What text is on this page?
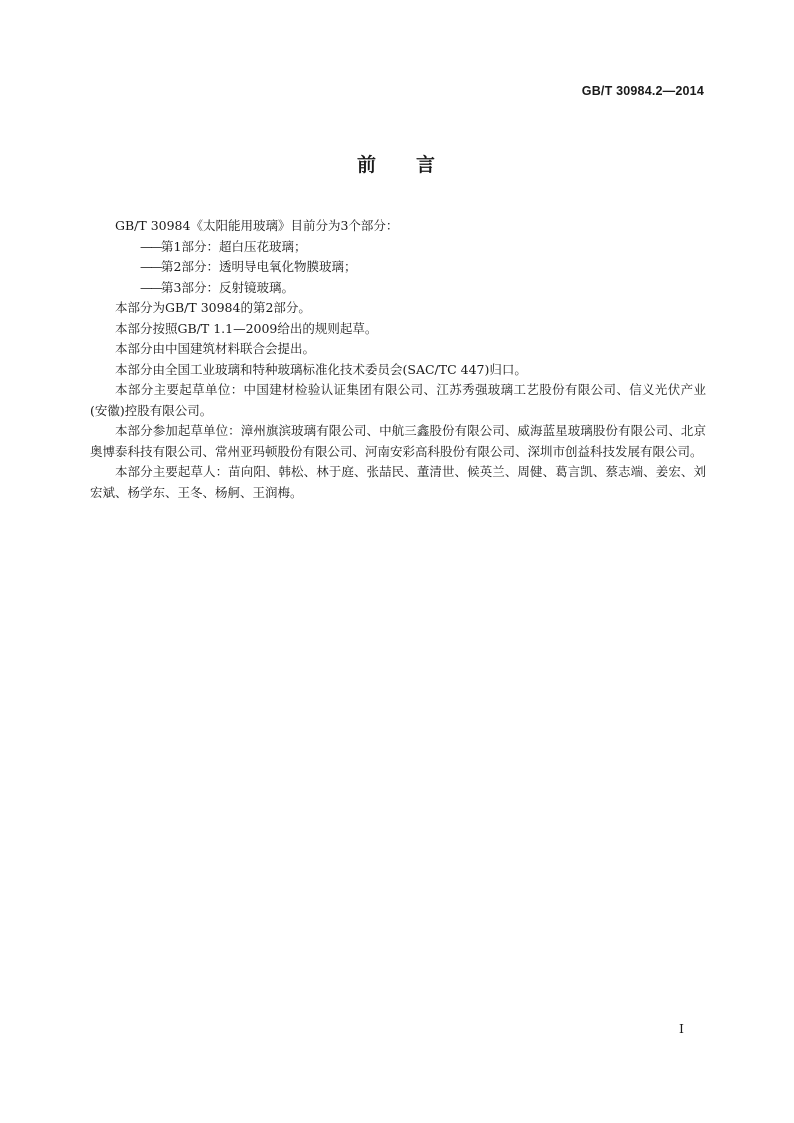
GB/T 30984.2—2014
前 言

GB/T 30984《太阳能用玻璃》目前分为3个部分：

——第1部分：超白压花玻璃；

——第2部分：透明导电氧化物膜玻璃；

——第3部分：反射镜玻璃。

本部分为GB/T 30984的第2部分。

本部分按照GB/T 1.1—2009给出的规则起草。

本部分由中国建筑材料联合会提出。

本部分由全国工业玻璃和特种玻璃标准化技术委员会(SAC/TC 447)归口。

本部分主要起草单位：中国建材检验认证集团有限公司、江苏秀强玻璃工艺股份有限公司、信义光伏产业(安徽)控股有限公司。

本部分参加起草单位：漳州旗滨玻璃有限公司、中航三鑫股份有限公司、威海蓝星玻璃股份有限公司、北京奥博泰科技有限公司、常州亚玛顿股份有限公司、河南安彩高科股份有限公司、深圳市创益科技发展有限公司。

本部分主要起草人：苗向阳、韩松、林于庭、张喆民、董清世、候英兰、周健、葛言凯、蔡志端、姜宏、刘宏斌、杨学东、王冬、杨舸、王润梅。

I
